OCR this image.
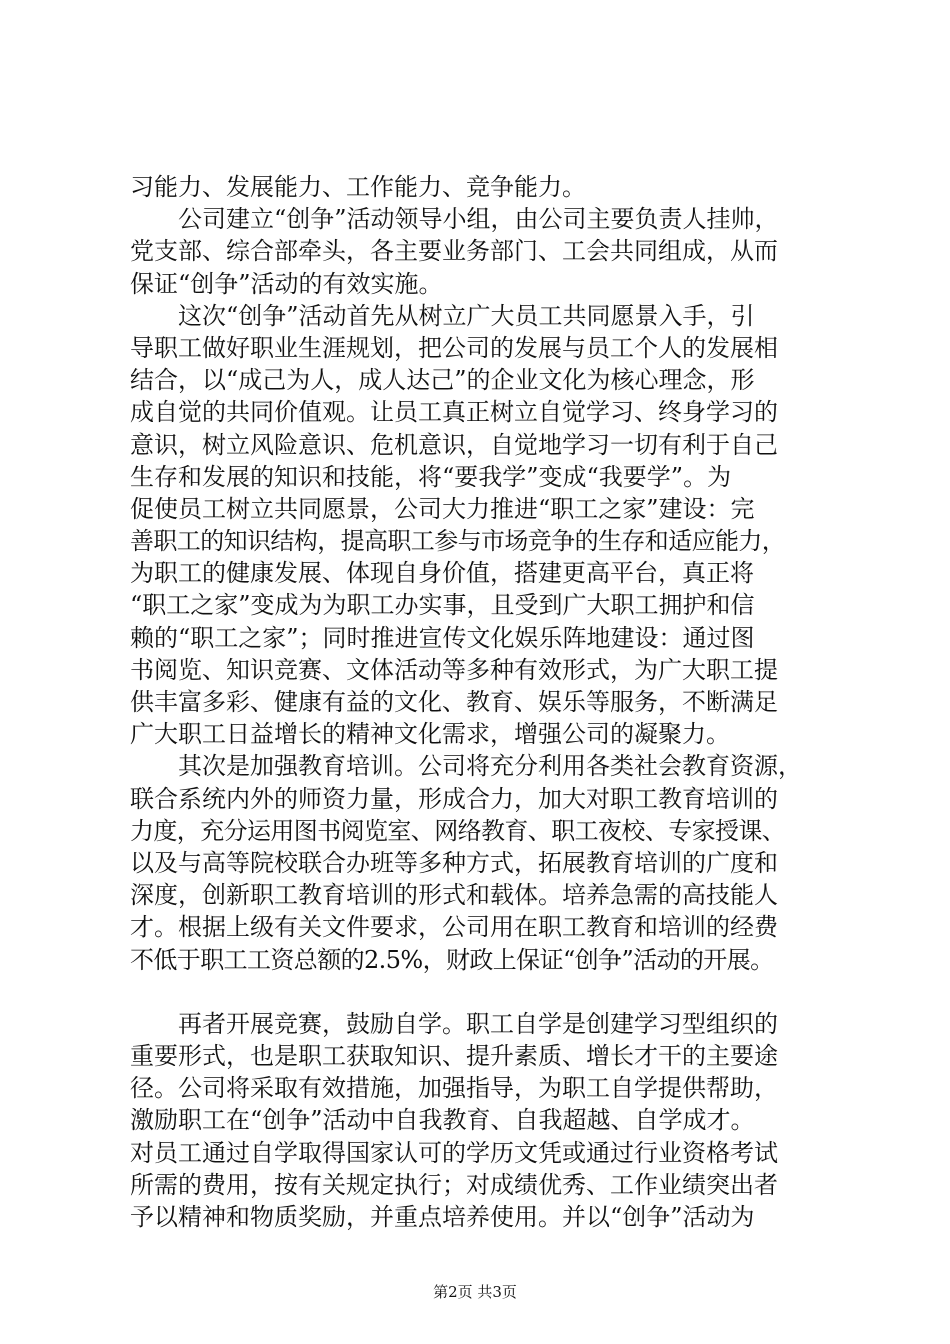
习能力、发展能力、工作能力、竞争能力。
公司建立“创争”活动领导小组，由公司主要负责人挂帅，
党支部、综合部牵头，各主要业务部门、工会共同组成，从而
保证“创争”活动的有效实施。
这次“创争”活动首先从树立广大员工共同愿景入手，引
导职工做好职业生涯规划，把公司的发展与员工个人的发展相
结合，以“成己为人，成人达己”的企业文化为核心理念，形
成自觉的共同价值观。让员工真正树立自觉学习、终身学习的
意识，树立风险意识、危机意识，自觉地学习一切有利于自己
生存和发展的知识和技能，将“要我学”变成“我要学”。为
促使员工树立共同愿景，公司大力推进“职工之家”建设：完
善职工的知识结构，提高职工参与市场竞争的生存和适应能力，
为职工的健康发展、体现自身价值，搭建更高平台，真正将
“职工之家”变成为为职工办实事，且受到广大职工拥护和信
赖的“职工之家”；同时推进宣传文化娱乐阵地建设：通过图
书阅览、知识竞赛、文体活动等多种有效形式，为广大职工提
供丰富多彩、健康有益的文化、教育、娱乐等服务，不断满足
广大职工日益增长的精神文化需求，增强公司的凝聚力。
其次是加强教育培训。公司将充分利用各类社会教育资源，
联合系统内外的师资力量，形成合力，加大对职工教育培训的
力度，充分运用图书阅览室、网络教育、职工夜校、专家授课、
以及与高等院校联合办班等多种方式，拓展教育培训的广度和
深度，创新职工教育培训的形式和载体。培养急需的高技能人
才。根据上级有关文件要求，公司用在职工教育和培训的经费
不低于职工工资总额的2.5%，财政上保证“创争”活动的开展。
再者开展竞赛，鼓励自学。职工自学是创建学习型组织的
重要形式，也是职工获取知识、提升素质、增长才干的主要途
径。公司将采取有效措施，加强指导，为职工自学提供帮助，
激励职工在“创争”活动中自我教育、自我超越、自学成才。
对员工通过自学取得国家认可的学历文凭或通过行业资格考试
所需的费用，按有关规定执行；对成绩优秀、工作业绩突出者
予以精神和物质奖励，并重点培养使用。并以“创争”活动为
第2页 共3页
